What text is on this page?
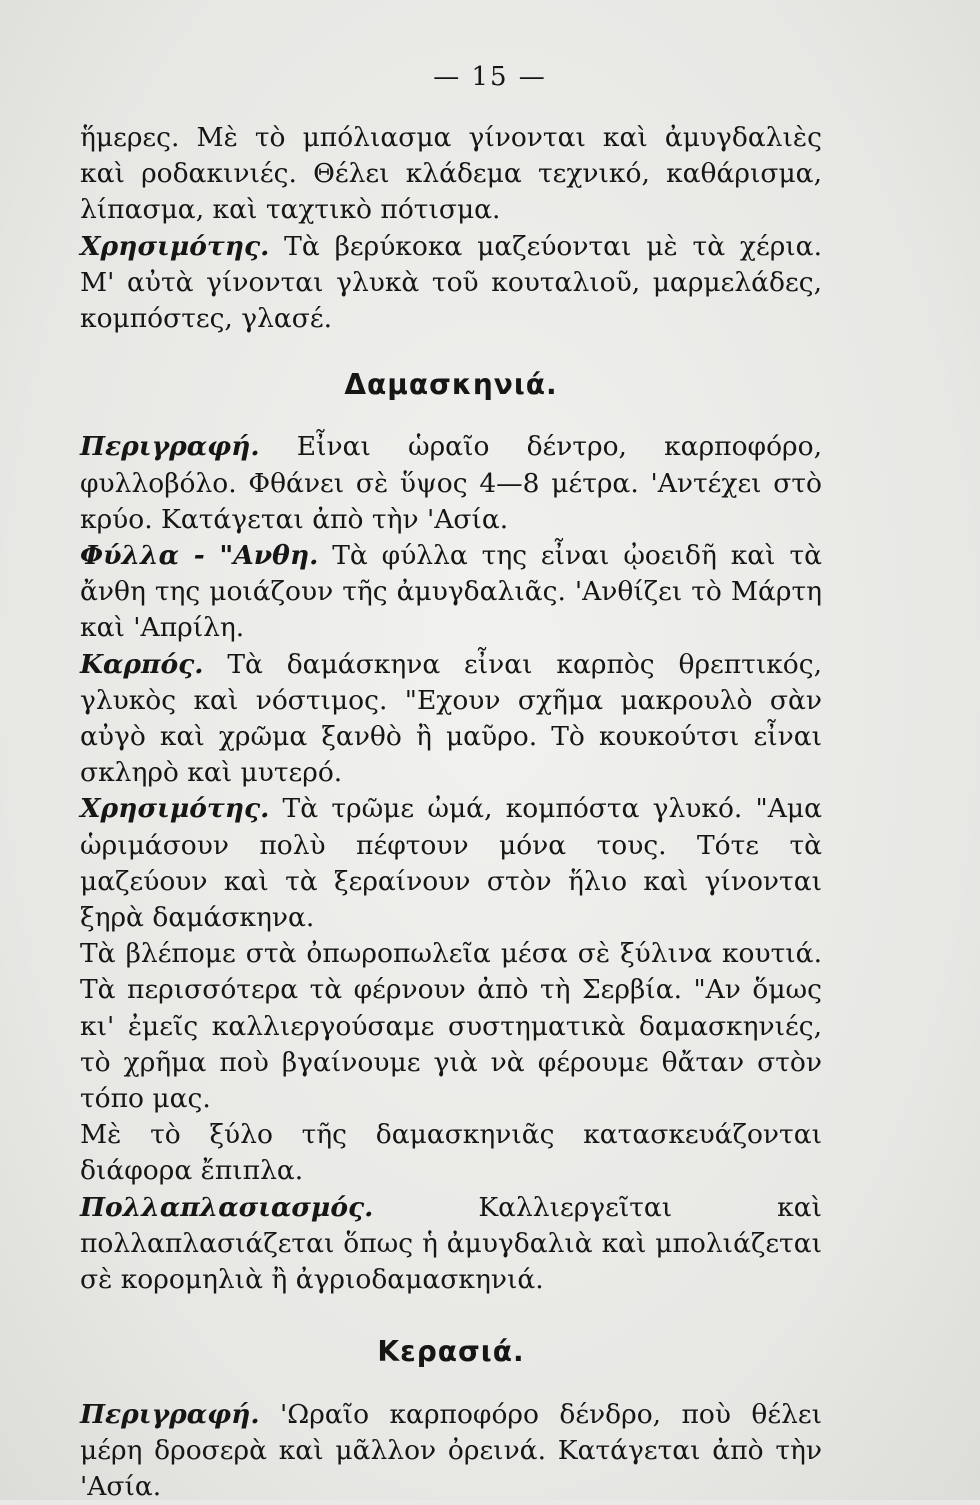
— 15 —

ἥμερες. Μὲ τὸ μπόλιασμα γίνονται καὶ ἀμυγδαλιὲς καὶ ροδακινιές. Θέλει κλάδεμα τεχνικό, καθάρισμα, λίπασμα, καὶ ταχτικὸ πότισμα.

Χρησιμότης. Τὰ βερύκοκα μαζεύονται μὲ τὰ χέρια. Μ' αὐτὰ γίνονται γλυκὰ τοῦ κουταλιοῦ, μαρμελάδες, κομπόστες, γλασέ.

Δαμασκηνιά.

Περιγραφή. Εἶναι ὡραῖο δέντρο, καρποφόρο, φυλλοβόλο. Φθάνει σὲ ὕψος 4—8 μέτρα. 'Αντέχει στὸ κρύο. Κατάγεται ἀπὸ τὴν 'Ασία.

Φύλλα - "Ανθη. Τὰ φύλλα της εἶναι ᾠοειδῆ καὶ τὰ ἄνθη της μοιάζουν τῆς ἀμυγδαλιᾶς. 'Ανθίζει τὸ Μάρτη καὶ 'Απρίλη.

Καρπός. Τὰ δαμάσκηνα εἶναι καρπὸς θρεπτικός, γλυκὸς καὶ νόστιμος. "Εχουν σχῆμα μακρουλὸ σὰν αὐγὸ καὶ χρῶμα ξανθὸ ἢ μαῦρο. Τὸ κουκούτσι εἶναι σκληρὸ καὶ μυτερό.

Χρησιμότης. Τὰ τρῶμε ὠμά, κομπόστα γλυκό. "Αμα ὡριμάσουν πολὺ πέφτουν μόνα τους. Τότε τὰ μαζεύουν καὶ τὰ ξεραίνουν στὸν ἥλιο καὶ γίνονται ξηρὰ δαμάσκηνα.

Τὰ βλέπομε στὰ ὀπωροπωλεῖα μέσα σὲ ξύλινα κουτιά. Τὰ περισσότερα τὰ φέρνουν ἀπὸ τὴ Σερβία. "Αν ὅμως κι' ἐμεῖς καλλιεργούσαμε συστηματικὰ δαμασκηνιές, τὸ χρῆμα ποὺ βγαίνουμε γιὰ νὰ φέρουμε θἄταν στὸν τόπο μας.

Μὲ τὸ ξύλο τῆς δαμασκηνιᾶς κατασκευάζονται διάφορα ἔπιπλα.

Πολλαπλασιασμός. Καλλιεργεῖται καὶ πολλαπλασιάζεται ὅπως ἡ ἀμυγδαλιὰ καὶ μπολιάζεται σὲ κορομηλιὰ ἢ ἀγριοδαμασκηνιά.

Κερασιά.

Περιγραφή. 'Ωραῖο καρποφόρο δένδρο, ποὺ θέλει μέρη δροσερὰ καὶ μᾶλλον ὀρεινά. Κατάγεται ἀπὸ τὴν 'Ασία.
